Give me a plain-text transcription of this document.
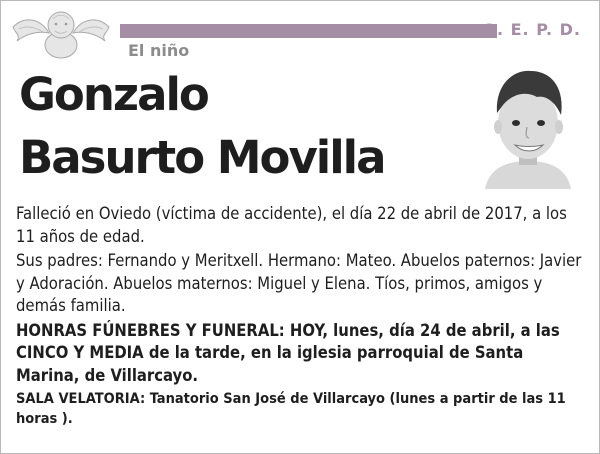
Q. E. P. D.
El niño
Gonzalo
Basurto Movilla

Falleció en Oviedo (víctima de accidente), el día 22 de abril de 2017, a los 11 años de edad.

Sus padres: Fernando y Meritxell. Hermano: Mateo. Abuelos paternos: Javier y Adoración. Abuelos maternos: Miguel y Elena. Tíos, primos, amigos y demás familia.

HONRAS FÚNEBRES Y FUNERAL: HOY, lunes, día 24 de abril, a las CINCO Y MEDIA de la tarde, en la iglesia parroquial de Santa Marina, de Villarcayo.

SALA VELATORIA: Tanatorio San José de Villarcayo (lunes a partir de las 11 horas ).
